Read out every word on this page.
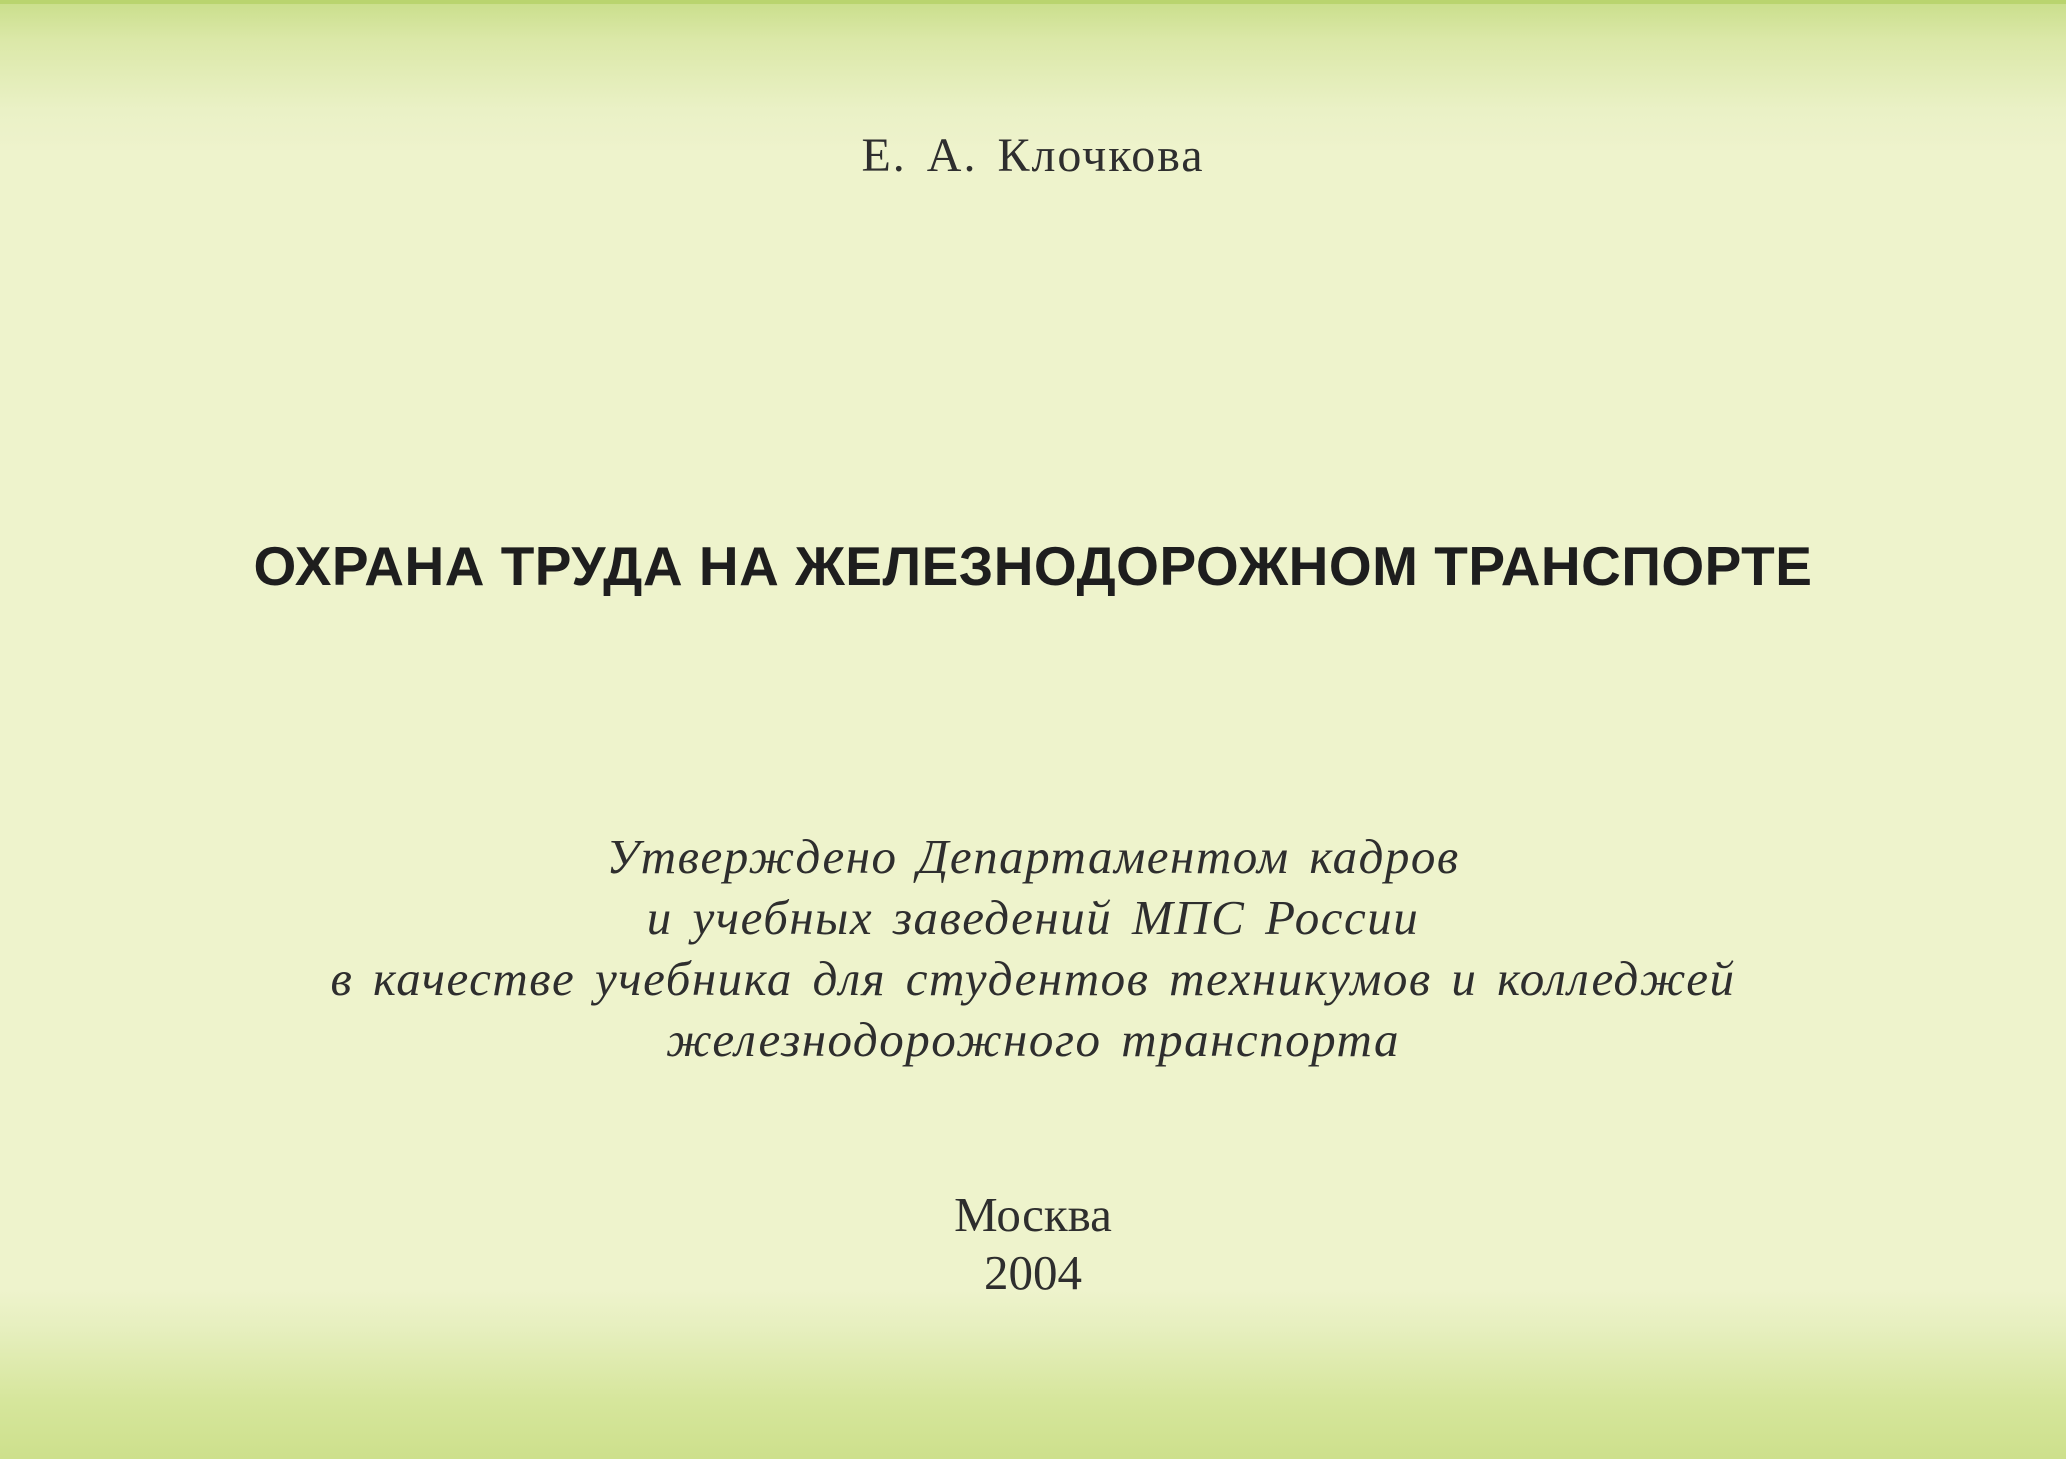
Е. А. Клочкова
ОХРАНА ТРУДА НА ЖЕЛЕЗНОДОРОЖНОМ ТРАНСПОРТЕ
Утверждено Департаментом кадров
и учебных заведений МПС России
в качестве учебника для студентов техникумов и колледжей
железнодорожного транспорта
Москва
2004
